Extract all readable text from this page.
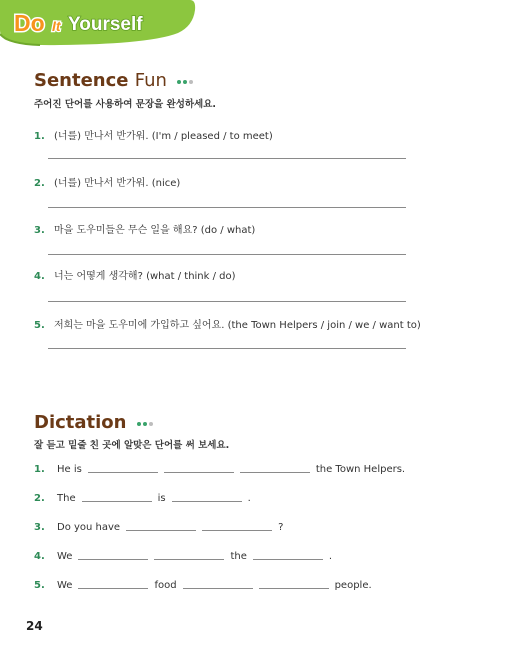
Do It Yourself
Sentence Fun
주어진 단어를 사용하여 문장을 완성하세요.
1. (너를) 만나서 반가워. (I'm / pleased / to meet)
2. (너를) 만나서 반가워. (nice)
3. 마을 도우미들은 무슨 일을 해요? (do / what)
4. 너는 어떻게 생각해? (what / think / do)
5. 저희는 마을 도우미에 가입하고 싶어요. (the Town Helpers / join / we / want to)
Dictation
잘 듣고 밑줄 친 곳에 알맞은 단어를 써 보세요.
1.	He is	the Town Helpers.
2.	The	is	.
3.	Do you have	?
4.	We	the	.
5.	We	food	people.
24
